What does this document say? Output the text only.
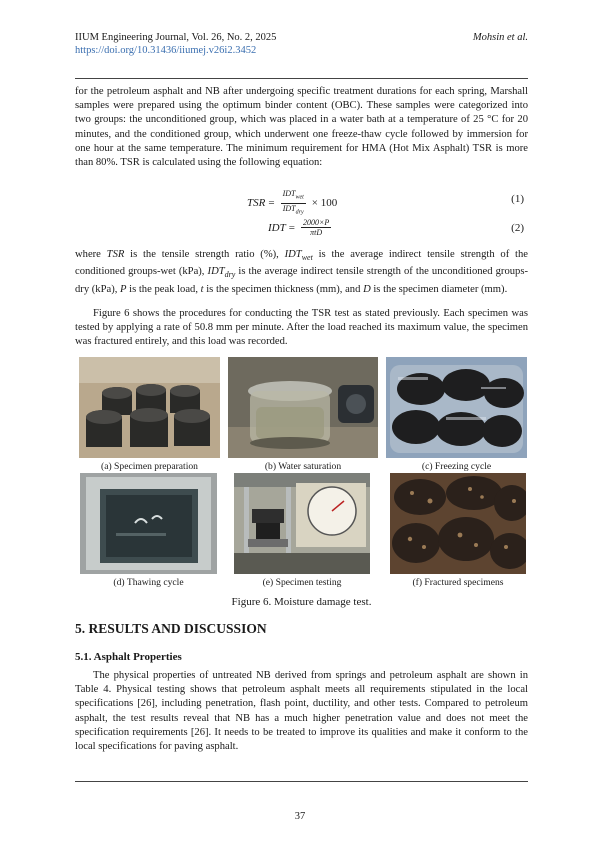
IIUM Engineering Journal, Vol. 26, No. 2, 2025	Mohsin et al.
https://doi.org/10.31436/iiumej.v26i2.3452
for the petroleum asphalt and NB after undergoing specific treatment durations for each spring, Marshall samples were prepared using the optimum binder content (OBC). These samples were categorized into two groups: the unconditioned group, which was placed in a water bath at a temperature of 25 °C for 20 minutes, and the conditioned group, which underwent one freeze-thaw cycle followed by immersion for one hour at the same temperature. The minimum requirement for HMA (Hot Mix Asphalt) TSR is more than 80%. TSR is calculated using the following equation:
TSR = $\frac{IDT_{wet}}{IDT_{dry}} \times 100$	(1)
IDT = $\frac{2000\times P}{\text{πtD}}$	(2)
where TSR is the tensile strength ratio (%), $IDT_{wet}$ is the average indirect tensile strength of the conditioned groups-wet (kPa), $IDT_{dry}$ is the average indirect tensile strength of the unconditioned groups-dry (kPa), P is the peak load, t is the specimen thickness (mm), and D is the specimen diameter (mm).
Figure 6 shows the procedures for conducting the TSR test as stated previously. Each specimen was tested by applying a rate of 50.8 mm per minute. After the load reached its maximum value, the specimen was fractured entirely, and this load was recorded.
(a) Specimen preparation	(b) Water saturation	(c) Freezing cycle
(d) Thawing cycle	(e) Specimen testing	(f) Fractured specimens
Figure 6. Moisture damage test.
5. RESULTS AND DISCUSSION
5.1. Asphalt Properties
The physical properties of untreated NB derived from springs and petroleum asphalt are shown in Table 4. Physical testing shows that petroleum asphalt meets all requirements stipulated in the local specifications [26], including penetration, flash point, ductility, and other tests. Compared to petroleum asphalt, the test results reveal that NB has a much higher penetration value and does not meet the specification requirements [26]. It needs to be treated to improve its qualities and make it conform to the local specifications for paving asphalt.
37
